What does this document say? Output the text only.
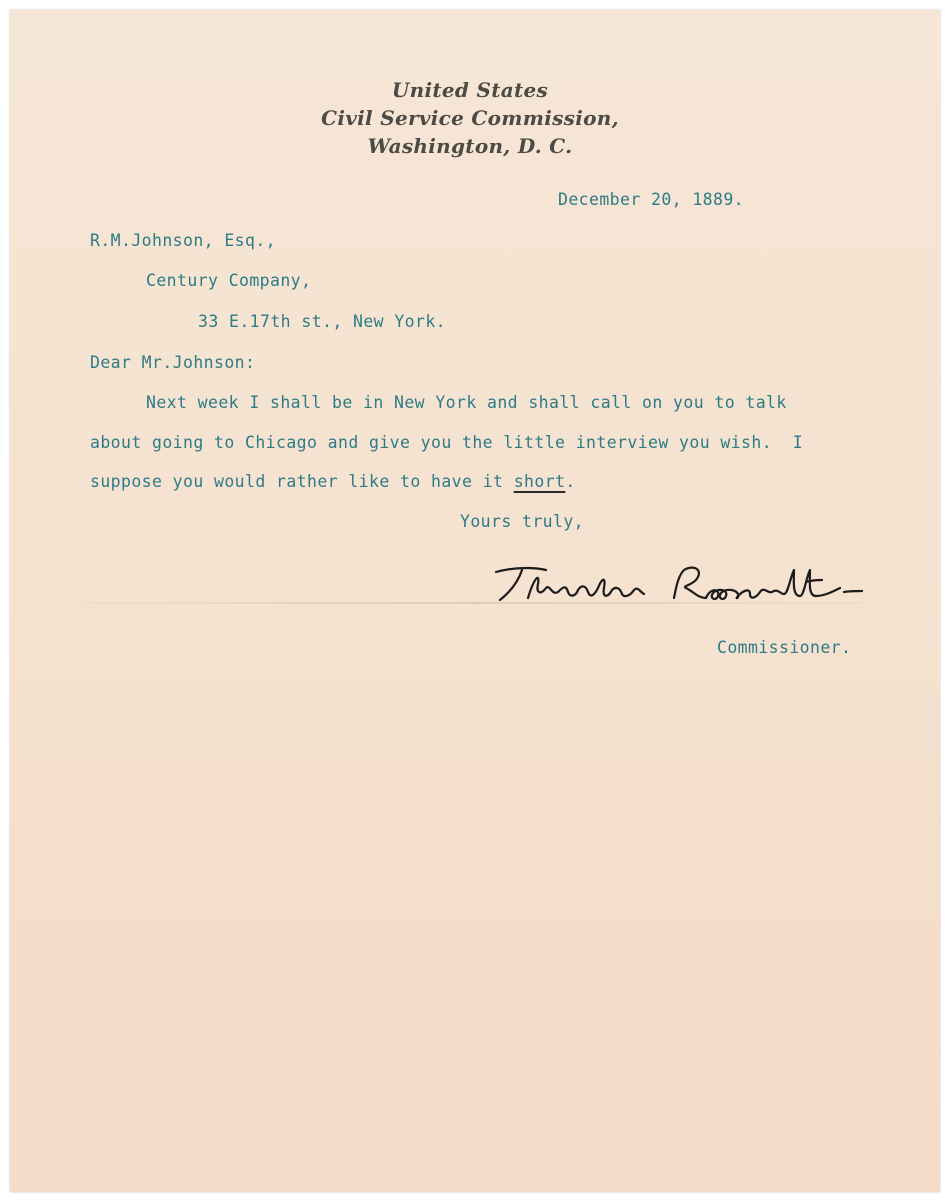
United States
Civil Service Commission,
Washington, D. C.
December 20, 1889.
R.M.Johnson, Esq.,
Century Company,
33 E.17th st., New York.
Dear Mr.Johnson:
Next week I shall be in New York and shall call on you to talk
about going to Chicago and give you the little interview you wish.  I
suppose you would rather like to have it short.
Yours truly,
Commissioner.
